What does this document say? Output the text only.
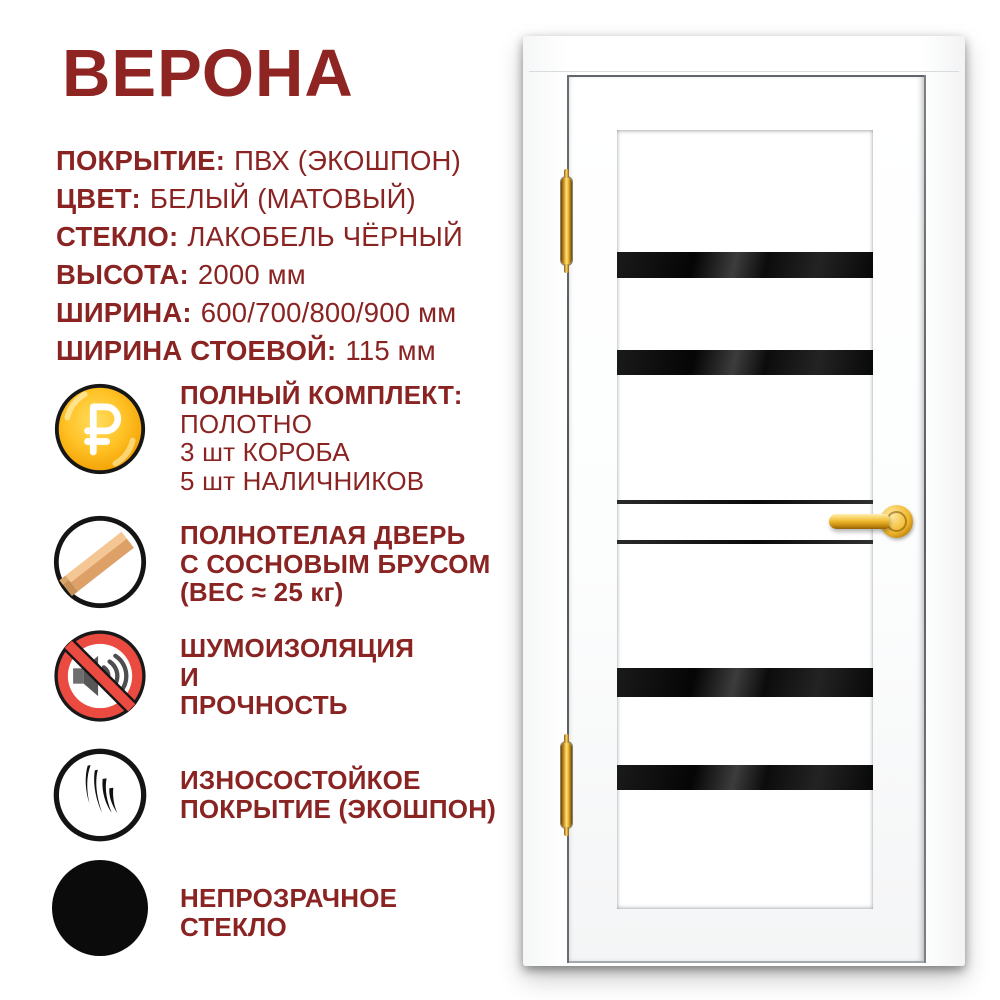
ВЕРОНА
ПОКРЫТИЕ: ПВХ (ЭКОШПОН)
ЦВЕТ: БЕЛЫЙ (МАТОВЫЙ)
СТЕКЛО: ЛАКОБЕЛЬ ЧЁРНЫЙ
ВЫСОТА: 2000 мм
ШИРИНА: 600/700/800/900 мм
ШИРИНА СТОЕВОЙ: 115 мм
ПОЛНЫЙ КОМПЛЕКТ:
ПОЛОТНО
3 шт КОРОБА
5 шт НАЛИЧНИКОВ
ПОЛНОТЕЛАЯ ДВЕРЬ
С СОСНОВЫМ БРУСОМ
(ВЕС ≈ 25 кг)
ШУМОИЗОЛЯЦИЯ
И
ПРОЧНОСТЬ
ИЗНОСОСТОЙКОЕ
ПОКРЫТИЕ (ЭКОШПОН)
НЕПРОЗРАЧНОЕ
СТЕКЛО
